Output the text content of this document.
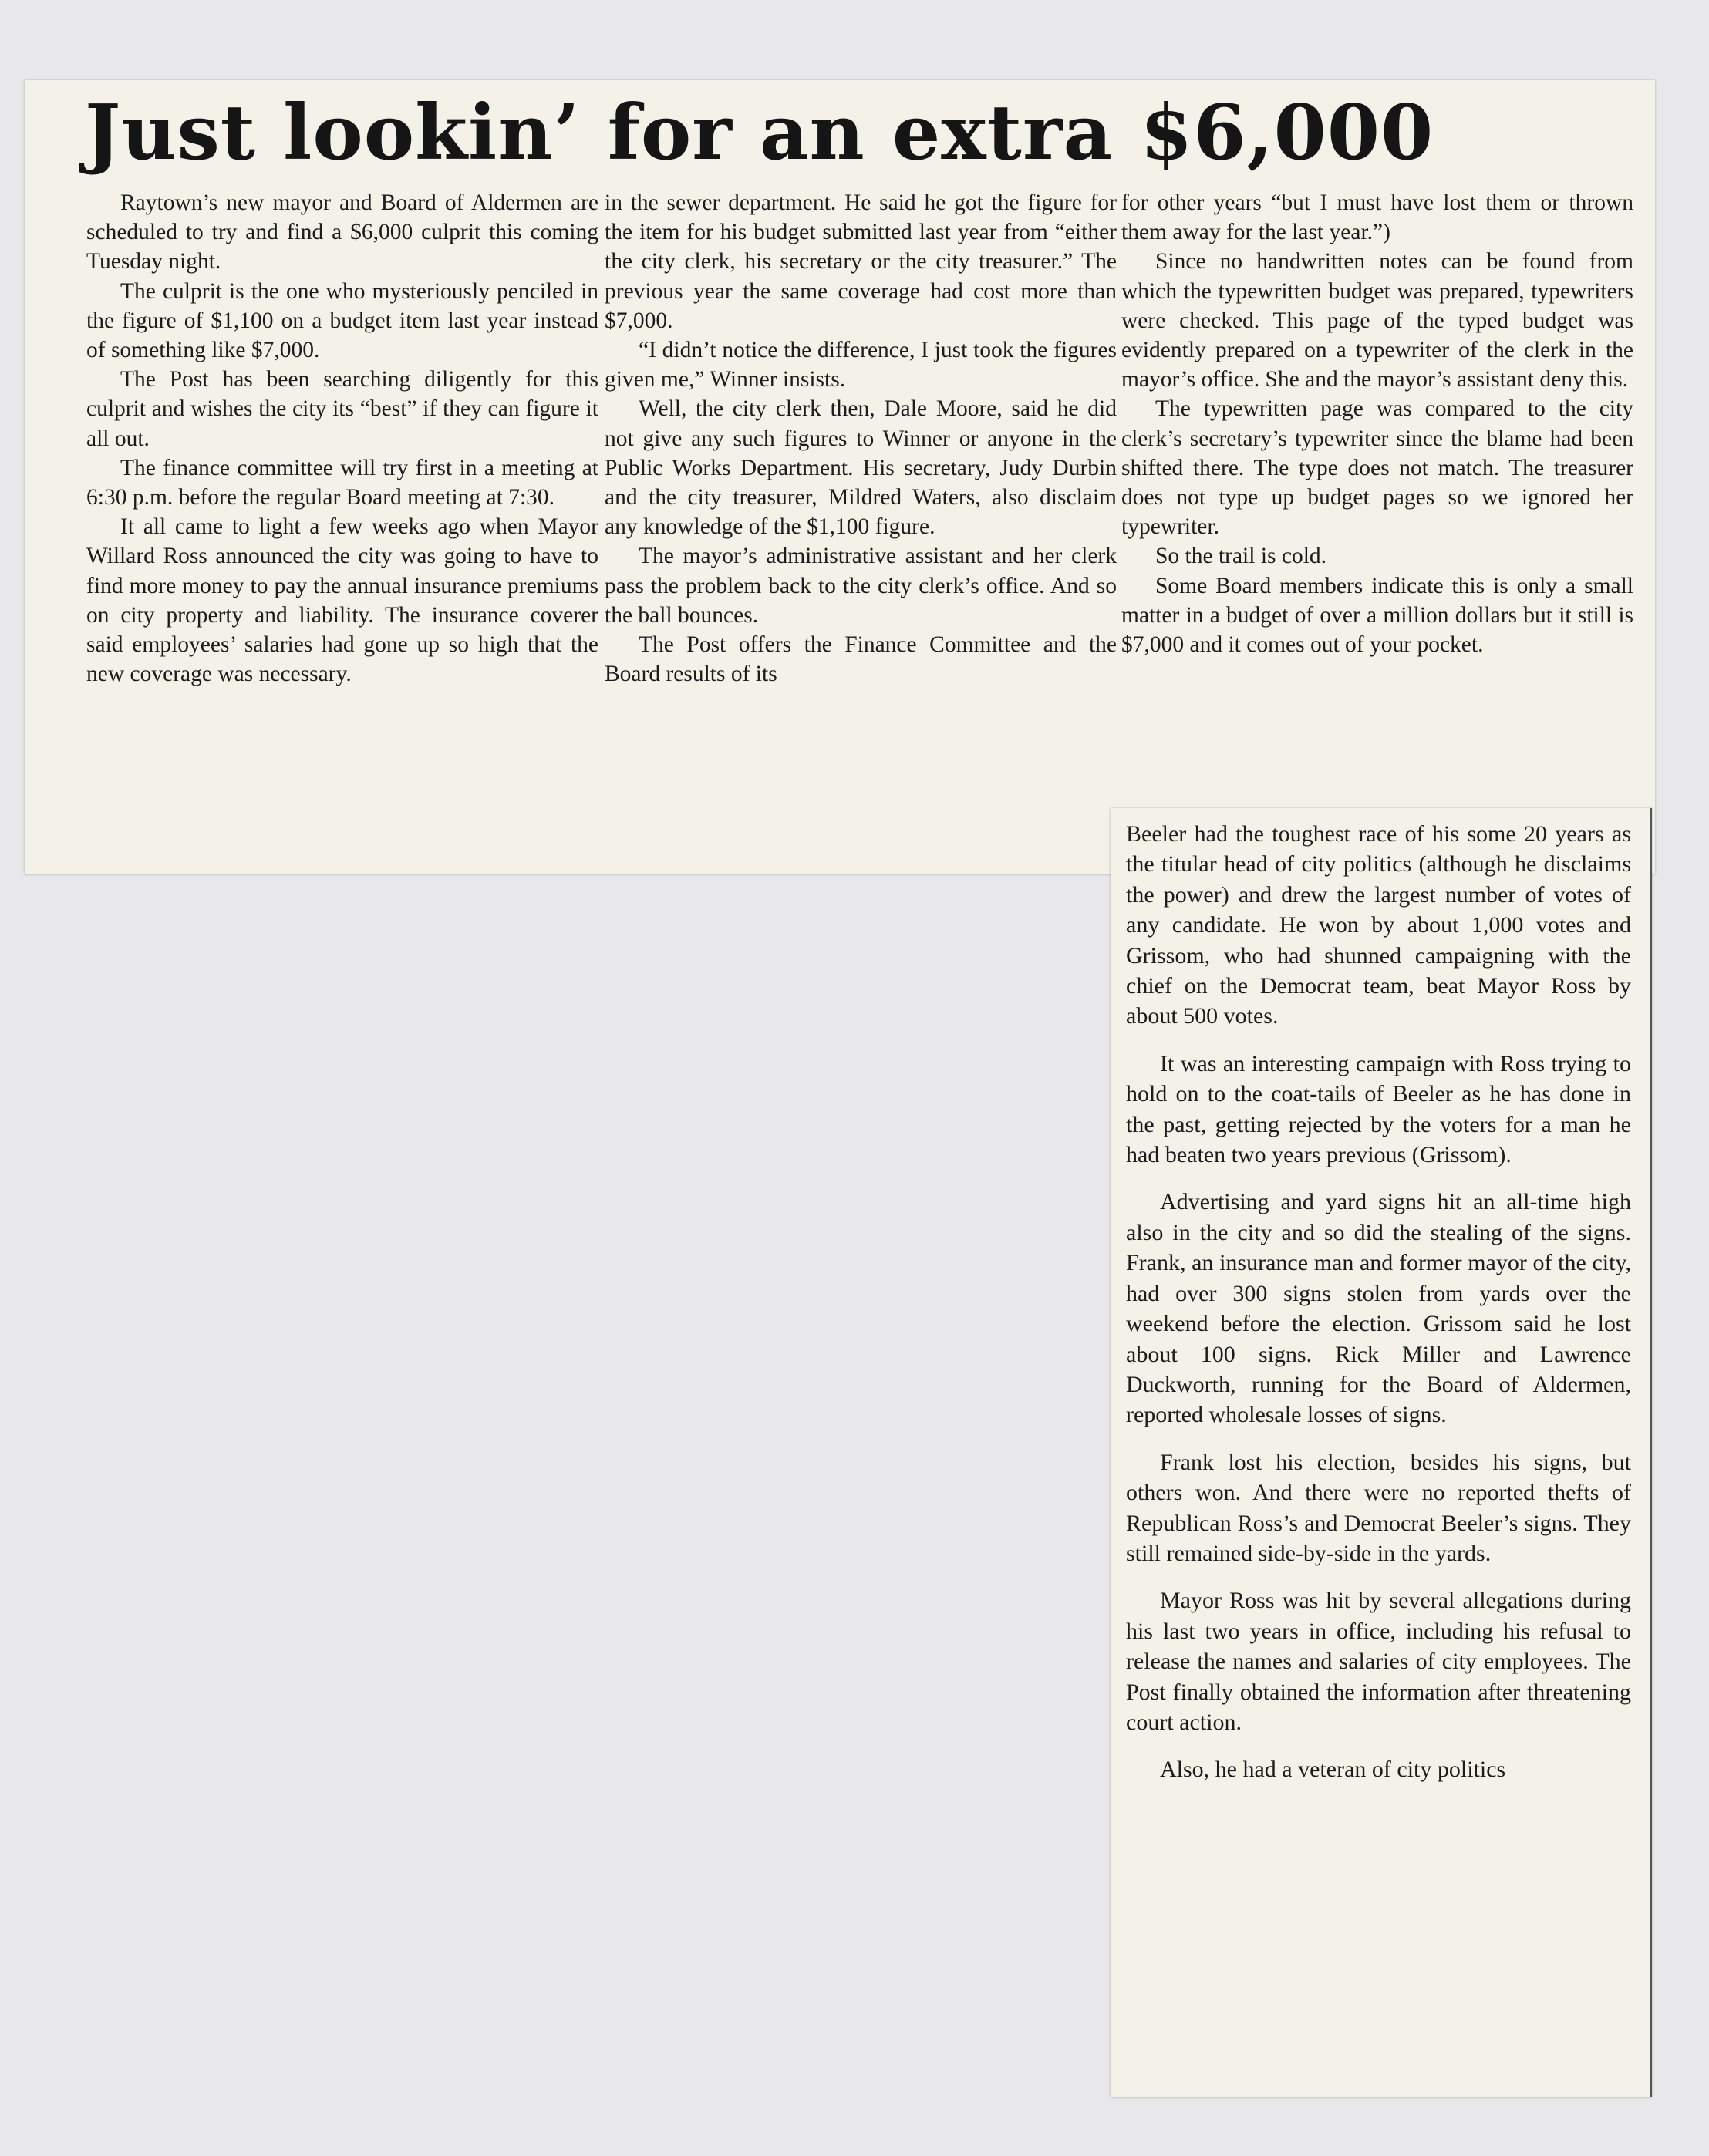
Just lookin’ for an extra $6,000

Raytown’s new mayor and Board of Aldermen are scheduled to try and find a $6,000 culprit this coming Tuesday night.

The culprit is the one who mysteriously penciled in the figure of $1,100 on a budget item last year instead of something like $7,000.

The Post has been searching diligently for this culprit and wishes the city its “best” if they can figure it all out.

The finance committee will try first in a meeting at 6:30 p.m. before the regular Board meeting at 7:30.

It all came to light a few weeks ago when Mayor Willard Ross announced the city was going to have to find more money to pay the annual insurance premiums on city property and liability. The insurance coverer said employees’ salaries had gone up so high that the new coverage was necessary.

in the sewer department. He said he got the figure for the item for his budget submitted last year from “either the city clerk, his secretary or the city treasurer.” The previous year the same coverage had cost more than $7,000.

“I didn’t notice the difference, I just took the figures given me,” Winner insists.

Well, the city clerk then, Dale Moore, said he did not give any such figures to Winner or anyone in the Public Works Department. His secretary, Judy Durbin and the city treasurer, Mildred Waters, also disclaim any knowledge of the $1,100 figure.

The mayor’s administrative assistant and her clerk pass the problem back to the city clerk’s office. And so the ball bounces.

The Post offers the Finance Committee and the Board results of its

for other years “but I must have lost them or thrown them away for the last year.”)

Since no handwritten notes can be found from which the typewritten budget was prepared, typewriters were checked. This page of the typed budget was evidently prepared on a typewriter of the clerk in the mayor’s office. She and the mayor’s assistant deny this.

The typewritten page was compared to the city clerk’s secretary’s typewriter since the blame had been shifted there. The type does not match. The treasurer does not type up budget pages so we ignored her typewriter.

So the trail is cold.

Some Board members indicate this is only a small matter in a budget of over a million dollars but it still is $7,000 and it comes out of your pocket.

Beeler had the toughest race of his some 20 years as the titular head of city politics (although he disclaims the power) and drew the largest number of votes of any candidate. He won by about 1,000 votes and Grissom, who had shunned campaigning with the chief on the Democrat team, beat Mayor Ross by about 500 votes.

It was an interesting campaign with Ross trying to hold on to the coat-tails of Beeler as he has done in the past, getting rejected by the voters for a man he had beaten two years previous (Grissom).

Advertising and yard signs hit an all-time high also in the city and so did the stealing of the signs. Frank, an insurance man and former mayor of the city, had over 300 signs stolen from yards over the weekend before the election. Grissom said he lost about 100 signs. Rick Miller and Lawrence Duckworth, running for the Board of Aldermen, reported wholesale losses of signs.

Frank lost his election, besides his signs, but others won. And there were no reported thefts of Republican Ross’s and Democrat Beeler’s signs. They still remained side-by-side in the yards.

Mayor Ross was hit by several allegations during his last two years in office, including his refusal to release the names and salaries of city employees. The Post finally obtained the information after threatening court action.

Also, he had a veteran of city politics
